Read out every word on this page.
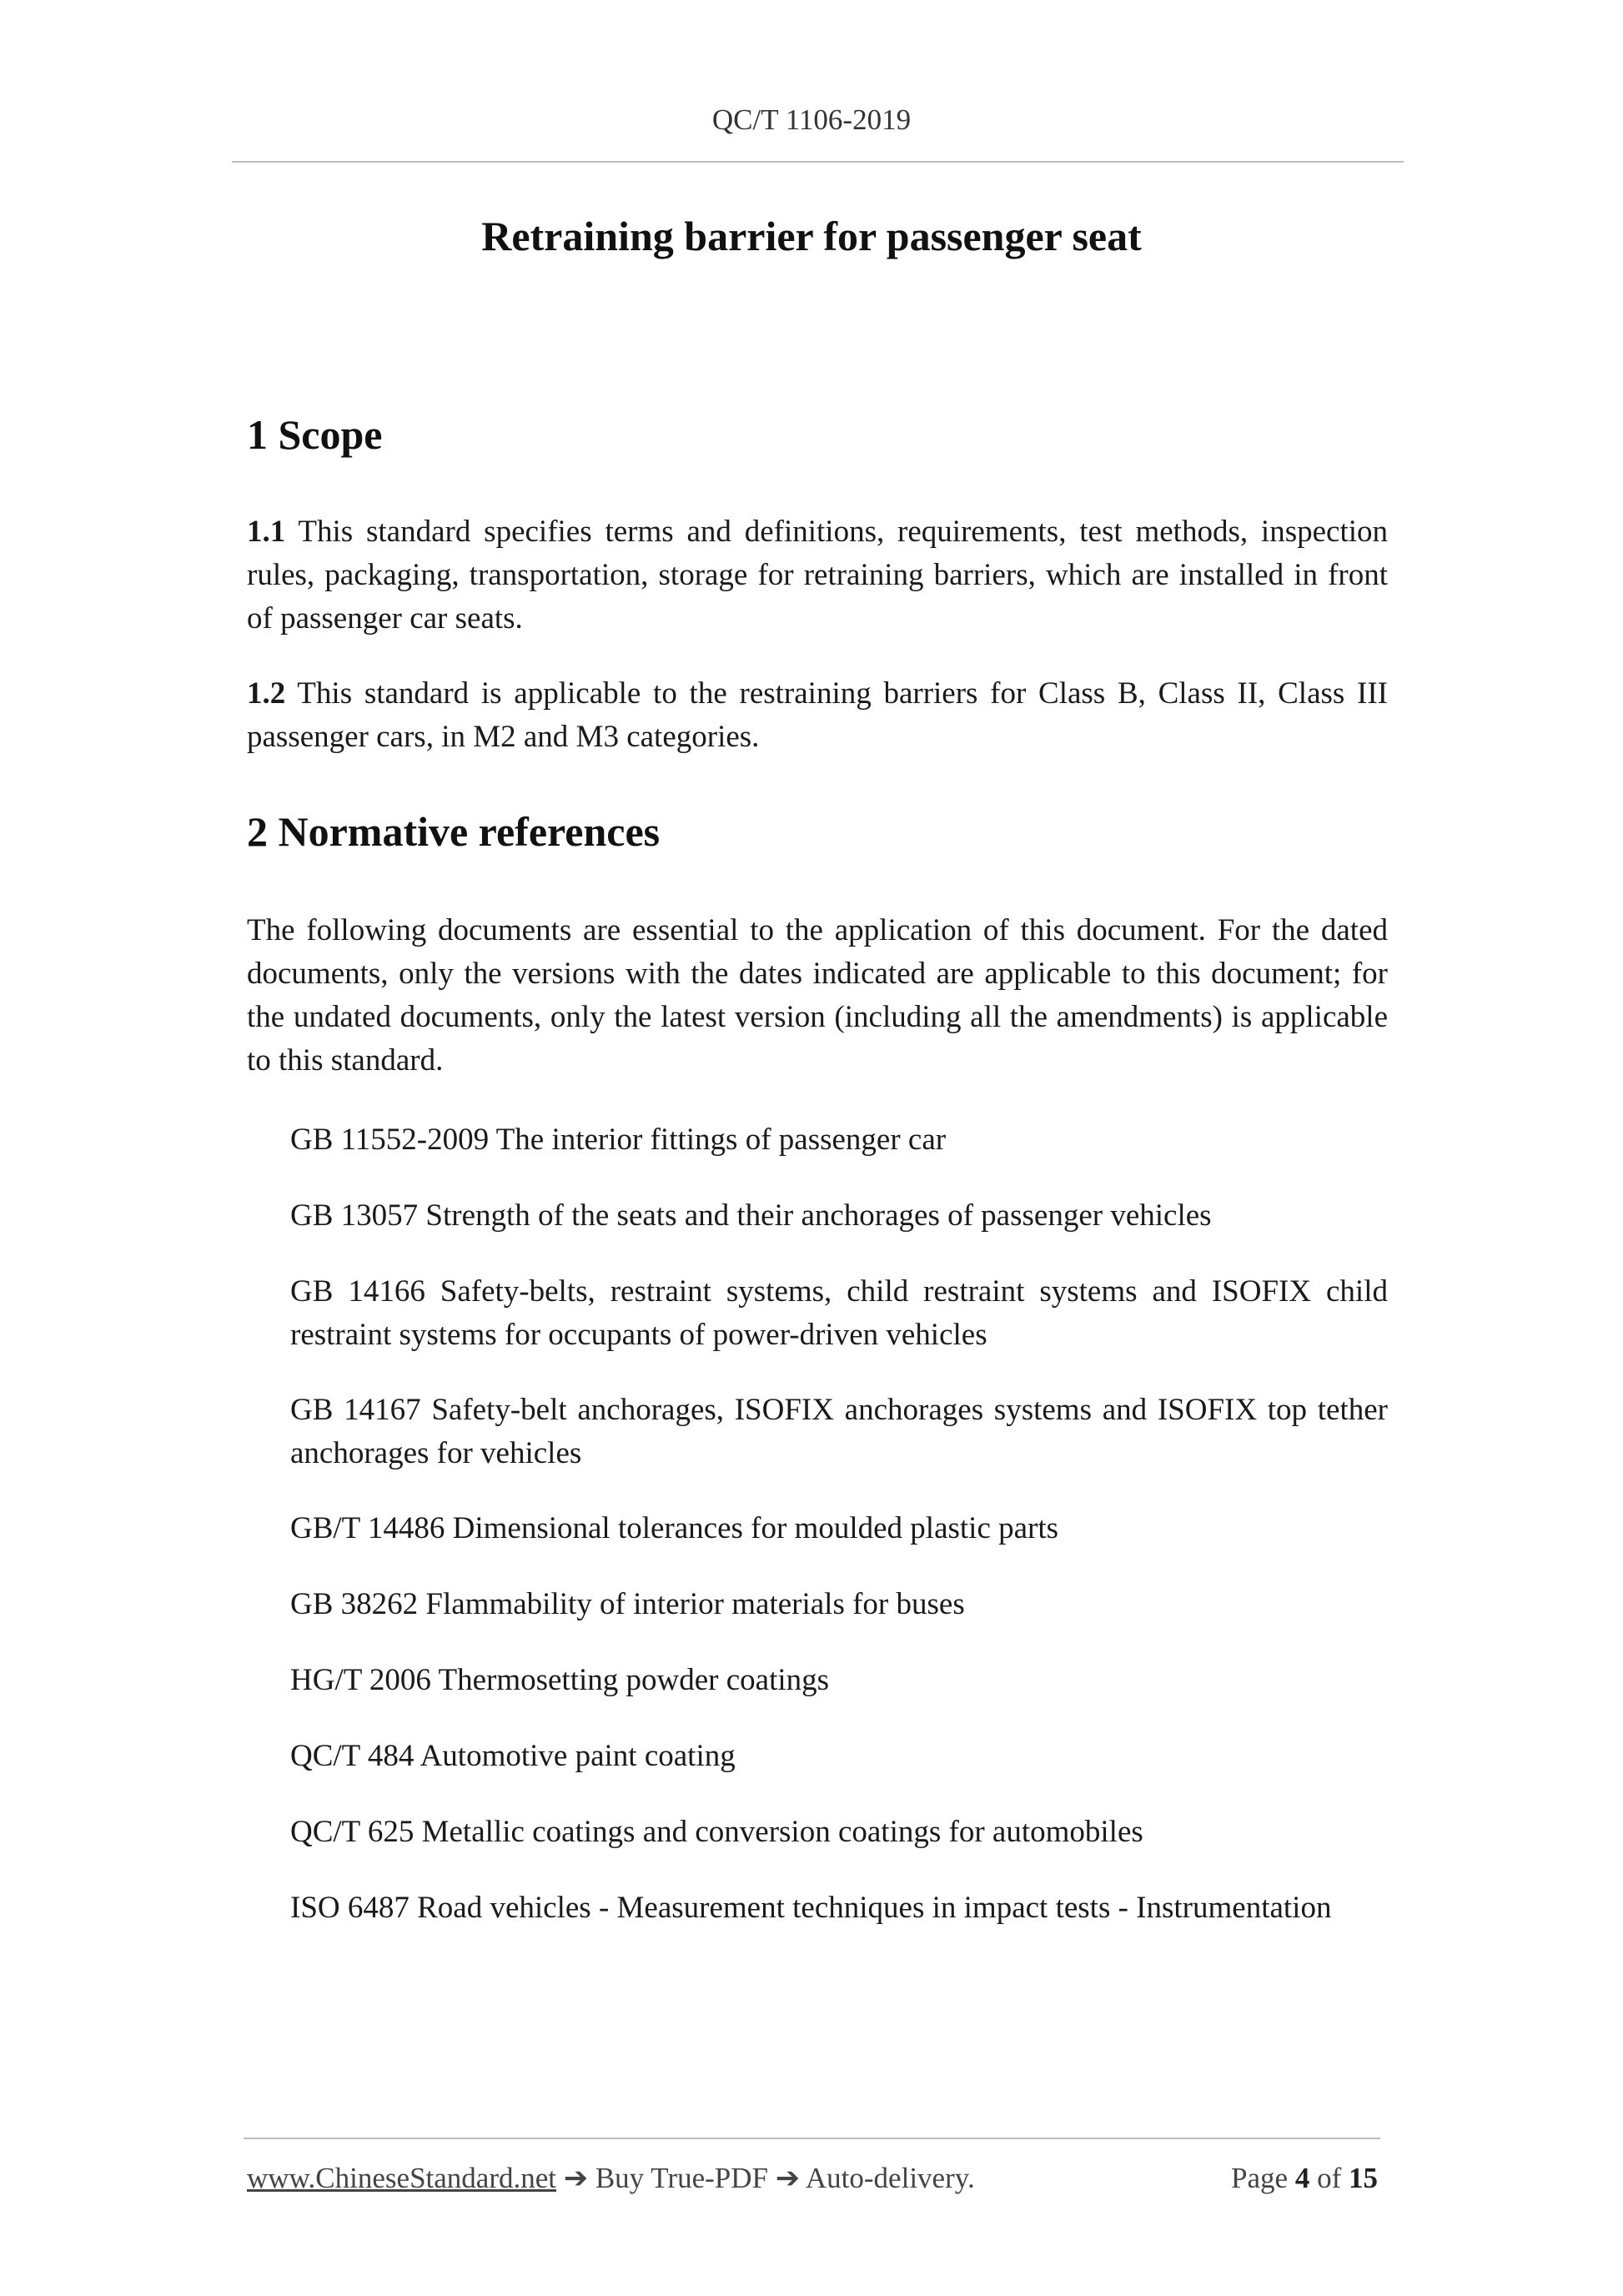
QC/T 1106-2019
Retraining barrier for passenger seat
1 Scope

1.1 This standard specifies terms and definitions, requirements, test methods, inspection rules, packaging, transportation, storage for retraining barriers, which are installed in front of passenger car seats.

1.2 This standard is applicable to the restraining barriers for Class B, Class II, Class III passenger cars, in M2 and M3 categories.

2 Normative references

The following documents are essential to the application of this document. For the dated documents, only the versions with the dates indicated are applicable to this document; for the undated documents, only the latest version (including all the amendments) is applicable to this standard.

GB 11552-2009 The interior fittings of passenger car

GB 13057 Strength of the seats and their anchorages of passenger vehicles

GB 14166 Safety-belts, restraint systems, child restraint systems and ISOFIX child restraint systems for occupants of power-driven vehicles

GB 14167 Safety-belt anchorages, ISOFIX anchorages systems and ISOFIX top tether anchorages for vehicles

GB/T 14486 Dimensional tolerances for moulded plastic parts

GB 38262 Flammability of interior materials for buses

HG/T 2006 Thermosetting powder coatings

QC/T 484 Automotive paint coating

QC/T 625 Metallic coatings and conversion coatings for automobiles

ISO 6487 Road vehicles - Measurement techniques in impact tests - Instrumentation

www.ChineseStandard.net ➔ Buy True-PDF ➔ Auto-delivery.	Page 4 of 15
